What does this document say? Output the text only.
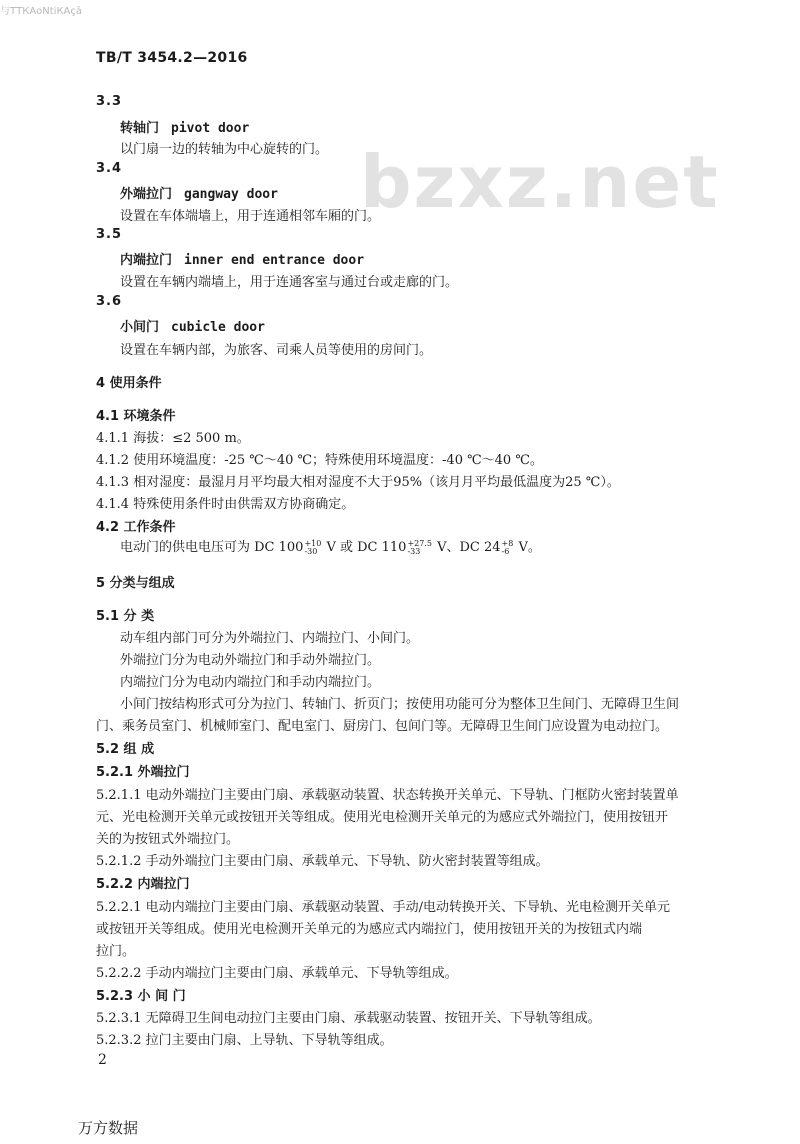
与ТТКАоNtіКАçā
TB/T 3454.2—2016
bzxz.net
3.3
转轴门 pivot door
以门扇一边的转轴为中心旋转的门。
3.4
外端拉门 gangway door
设置在车体端墙上，用于连通相邻车厢的门。
3.5
内端拉门 inner end entrance door
设置在车辆内端墙上，用于连通客室与通过台或走廊的门。
3.6
小间门 cubicle door
设置在车辆内部，为旅客、司乘人员等使用的房间门。
4 使用条件
4.1 环境条件
4.1.1 海拔：≤2 500 m。
4.1.2 使用环境温度：-25 ℃～40 ℃；特殊使用环境温度：-40 ℃～40 ℃。
4.1.3 相对湿度：最湿月月平均最大相对湿度不大于95%（该月月平均最低温度为25 ℃）。
4.1.4 特殊使用条件时由供需双方协商确定。
4.2 工作条件
电动门的供电电压可为 DC 100 +10
-30 V 或 DC 110 +27.5
-33 V、DC 24 +8
-6 V。
5 分类与组成
5.1 分 类
动车组内部门可分为外端拉门、内端拉门、小间门。
外端拉门分为电动外端拉门和手动外端拉门。
内端拉门分为电动内端拉门和手动内端拉门。
小间门按结构形式可分为拉门、转轴门、折页门；按使用功能可分为整体卫生间门、无障碍卫生间
门、乘务员室门、机械师室门、配电室门、厨房门、包间门等。无障碍卫生间门应设置为电动拉门。
5.2 组 成
5.2.1 外端拉门
5.2.1.1 电动外端拉门主要由门扇、承载驱动装置、状态转换开关单元、下导轨、门框防火密封装置单
元、光电检测开关单元或按钮开关等组成。使用光电检测开关单元的为感应式外端拉门，使用按钮开
关的为按钮式外端拉门。
5.2.1.2 手动外端拉门主要由门扇、承载单元、下导轨、防火密封装置等组成。
5.2.2 内端拉门
5.2.2.1 电动内端拉门主要由门扇、承载驱动装置、手动/电动转换开关、下导轨、光电检测开关单元
或按钮开关等组成。使用光电检测开关单元的为感应式内端拉门，使用按钮开关的为按钮式内端
拉门。
5.2.2.2 手动内端拉门主要由门扇、承载单元、下导轨等组成。
5.2.3 小 间 门
5.2.3.1 无障碍卫生间电动拉门主要由门扇、承载驱动装置、按钮开关、下导轨等组成。
5.2.3.2 拉门主要由门扇、上导轨、下导轨等组成。
2
万方数据
